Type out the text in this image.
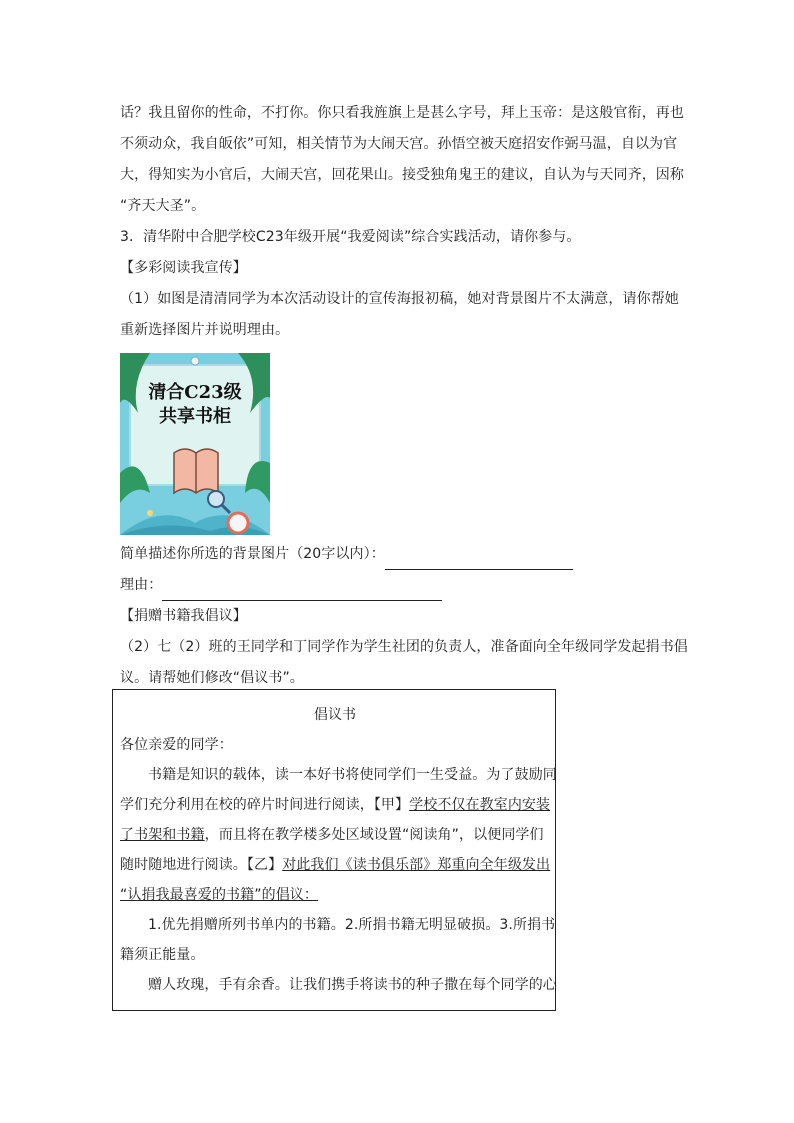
话？我且留你的性命，不打你。你只看我旌旗上是甚么字号，拜上玉帝：是这般官衔，再也
不须动众，我自皈依”可知，相关情节为大闹天宫。孙悟空被天庭招安作弼马温，自以为官
大，得知实为小官后，大闹天宫，回花果山。接受独角鬼王的建议，自认为与天同齐，因称
“齐天大圣”。
3．清华附中合肥学校C23年级开展“我爱阅读”综合实践活动，请你参与。
【多彩阅读我宣传】
（1）如图是清清同学为本次活动设计的宣传海报初稿，她对背景图片不太满意，请你帮她
重新选择图片并说明理由。
清合C23级
共享书柜
简单描述你所选的背景图片（20字以内）：
理由：
【捐赠书籍我倡议】
（2）七（2）班的王同学和丁同学作为学生社团的负责人，准备面向全年级同学发起捐书倡
议。请帮她们修改“倡议书”。
倡议书
各位亲爱的同学：
书籍是知识的载体，读一本好书将使同学们一生受益。为了鼓励同
学们充分利用在校的碎片时间进行阅读，【甲】学校不仅在教室内安装
了书架和书籍，而且将在教学楼多处区域设置“阅读角”，以便同学们
随时随地进行阅读。【乙】对此我们《读书俱乐部》郑重向全年级发出
“认捐我最喜爱的书籍”的倡议：
1.优先捐赠所列书单内的书籍。2.所捐书籍无明显破损。3.所捐书
籍须正能量。
赠人玫瑰，手有余香。让我们携手将读书的种子撒在每个同学的心
